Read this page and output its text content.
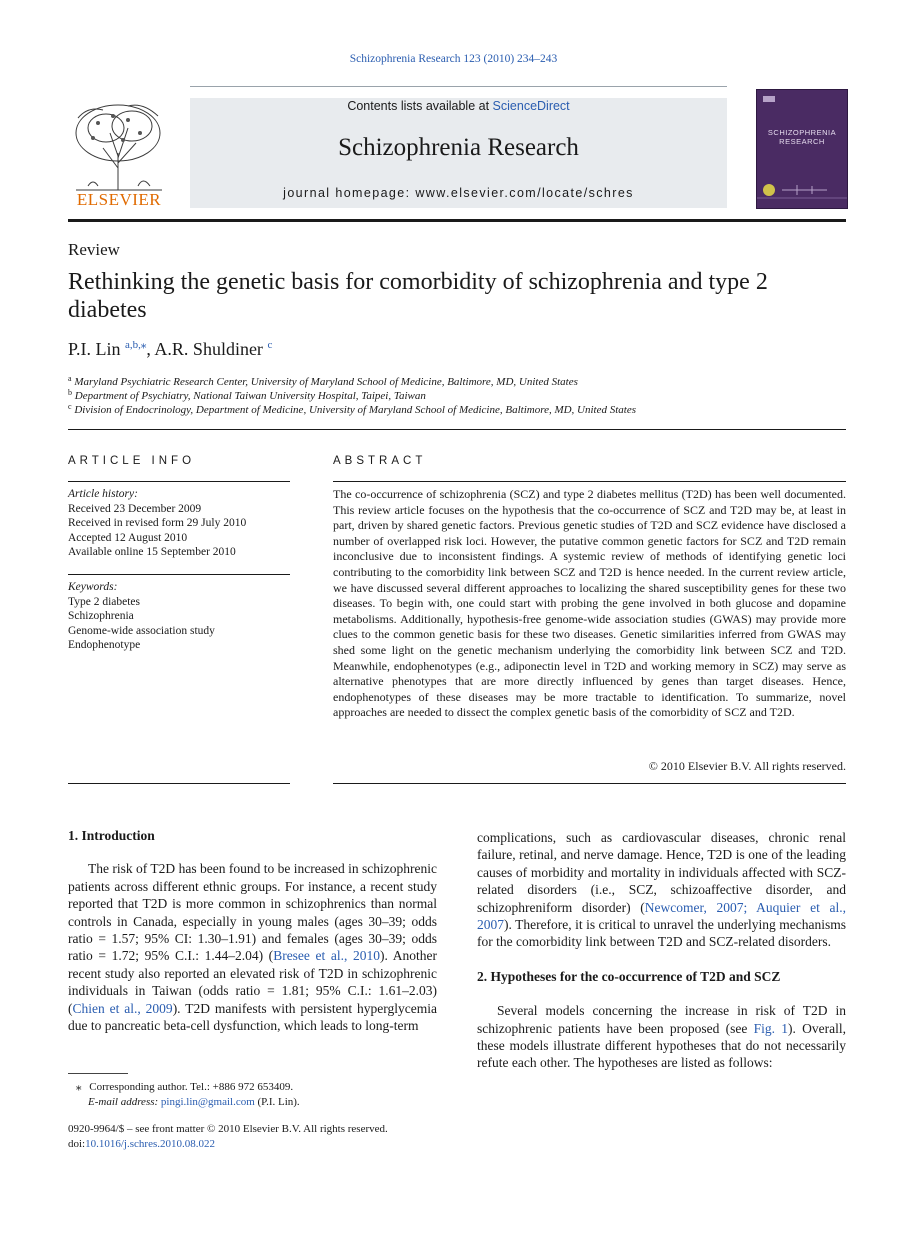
Schizophrenia Research 123 (2010) 234–243
ELSEVIER
Contents lists available at ScienceDirect
Schizophrenia Research
journal homepage: www.elsevier.com/locate/schres
SCHIZOPHRENIA RESEARCH
Review
Rethinking the genetic basis for comorbidity of schizophrenia and type 2 diabetes
P.I. Lin $^{a,b,⁎}$, A.R. Shuldiner $^c$
$^a$ Maryland Psychiatric Research Center, University of Maryland School of Medicine, Baltimore, MD, United States
$^b$ Department of Psychiatry, National Taiwan University Hospital, Taipei, Taiwan
$^c$ Division of Endocrinology, Department of Medicine, University of Maryland School of Medicine, Baltimore, MD, United States
ARTICLE INFO
Article history:
Received 23 December 2009
Received in revised form 29 July 2010
Accepted 12 August 2010
Available online 15 September 2010
Keywords:
Type 2 diabetes
Schizophrenia
Genome-wide association study
Endophenotype
ABSTRACT
The co-occurrence of schizophrenia (SCZ) and type 2 diabetes mellitus (T2D) has been well documented. This review article focuses on the hypothesis that the co-occurrence of SCZ and T2D may be, at least in part, driven by shared genetic factors. Previous genetic studies of T2D and SCZ evidence have disclosed a number of overlapped risk loci. However, the putative common genetic factors for SCZ and T2D remain inconclusive due to inconsistent findings. A systemic review of methods of identifying genetic loci contributing to the comorbidity link between SCZ and T2D is hence needed. In the current review article, we have discussed several different approaches to localizing the shared susceptibility genes for these two diseases. To begin with, one could start with probing the gene involved in both glucose and dopamine metabolisms. Additionally, hypothesis-free genome-wide association studies (GWAS) may provide more clues to the common genetic basis for these two diseases. Genetic similarities inferred from GWAS may shed some light on the genetic mechanism underlying the comorbidity link between SCZ and T2D. Meanwhile, endophenotypes (e.g., adiponectin level in T2D and working memory in SCZ) may serve as alternative phenotypes that are more directly influenced by genes than target diseases. Hence, endophenotypes of these diseases may be more tractable to identification. To summarize, novel approaches are needed to dissect the complex genetic basis of the comorbidity of SCZ and T2D.
© 2010 Elsevier B.V. All rights reserved.
1. Introduction

The risk of T2D has been found to be increased in schizophrenic patients across different ethnic groups. For instance, a recent study reported that T2D is more common in schizophrenics than normal controls in Canada, especially in young males (ages 30–39; odds ratio = 1.57; 95% CI: 1.30–1.91) and females (ages 30–39; odds ratio = 1.72; 95% C.I.: 1.44–2.04) (Bresee et al., 2010). Another recent study also reported an elevated risk of T2D in schizophrenic individuals in Taiwan (odds ratio = 1.81; 95% C.I.: 1.61–2.03) (Chien et al., 2009). T2D manifests with persistent hyperglycemia due to pancreatic beta-cell dysfunction, which leads to long-term

complications, such as cardiovascular diseases, chronic renal failure, retinal, and nerve damage. Hence, T2D is one of the leading causes of morbidity and mortality in individuals affected with SCZ-related disorders (i.e., SCZ, schizoaffective disorder, and schizophreniform disorder) (Newcomer, 2007; Auquier et al., 2007). Therefore, it is critical to unravel the underlying mechanisms for the comorbidity link between T2D and SCZ-related disorders.

2. Hypotheses for the co-occurrence of T2D and SCZ

Several models concerning the increase in risk of T2D in schizophrenic patients have been proposed (see Fig. 1). Overall, these models illustrate different hypotheses that do not necessarily refute each other. The hypotheses are listed as follows:

⁎ Corresponding author. Tel.: +886 972 653409.
E-mail address: pingi.lin@gmail.com (P.I. Lin).
0920-9964/$ – see front matter © 2010 Elsevier B.V. All rights reserved.
doi:10.1016/j.schres.2010.08.022
